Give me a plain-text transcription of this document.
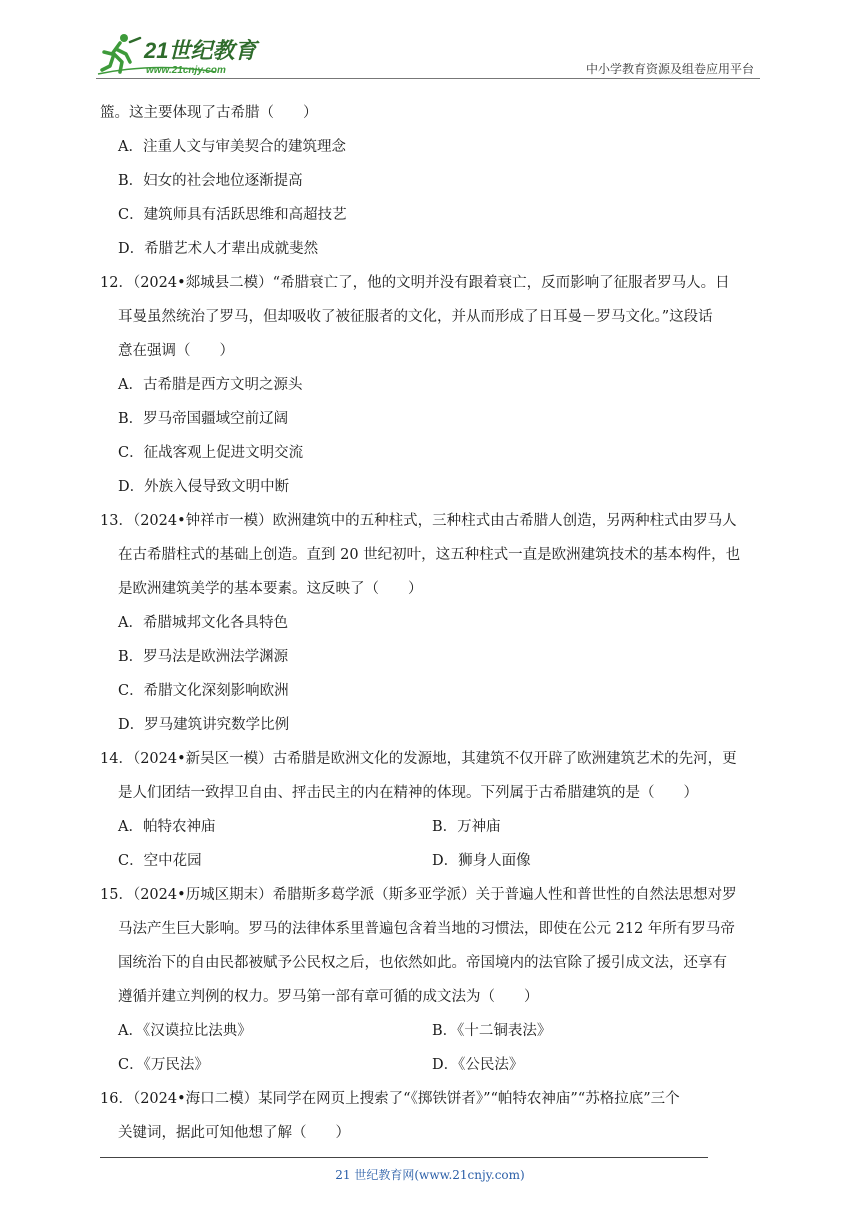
21世纪教育
www.21cnjy.com	中小学教育资源及组卷应用平台

篮。这主要体现了古希腊（　　）

A．注重人文与审美契合的建筑理念

B．妇女的社会地位逐渐提高

C．建筑师具有活跃思维和高超技艺

D．希腊艺术人才辈出成就斐然

12．（2024•郯城县二模）“希腊衰亡了，他的文明并没有跟着衰亡，反而影响了征服者罗马人。日

耳曼虽然统治了罗马，但却吸收了被征服者的文化，并从而形成了日耳曼－罗马文化。”这段话

意在强调（　　）

A．古希腊是西方文明之源头

B．罗马帝国疆域空前辽阔

C．征战客观上促进文明交流

D．外族入侵导致文明中断

13．（2024•钟祥市一模）欧洲建筑中的五种柱式，三种柱式由古希腊人创造，另两种柱式由罗马人

在古希腊柱式的基础上创造。直到 20 世纪初叶，这五种柱式一直是欧洲建筑技术的基本构件，也

是欧洲建筑美学的基本要素。这反映了（　　）

A．希腊城邦文化各具特色

B．罗马法是欧洲法学渊源

C．希腊文化深刻影响欧洲

D．罗马建筑讲究数学比例

14．（2024•新吴区一模）古希腊是欧洲文化的发源地，其建筑不仅开辟了欧洲建筑艺术的先河，更

是人们团结一致捍卫自由、抨击民主的内在精神的体现。下列属于古希腊建筑的是（　　）

A．帕特农神庙	B．万神庙

C．空中花园	D．狮身人面像

15．（2024•历城区期末）希腊斯多葛学派（斯多亚学派）关于普遍人性和普世性的自然法思想对罗

马法产生巨大影响。罗马的法律体系里普遍包含着当地的习惯法，即使在公元 212 年所有罗马帝

国统治下的自由民都被赋予公民权之后，也依然如此。帝国境内的法官除了援引成文法，还享有

遵循并建立判例的权力。罗马第一部有章可循的成文法为（　　）

A．《汉谟拉比法典》	B．《十二铜表法》

C．《万民法》	D．《公民法》

16．（2024•海口二模）某同学在网页上搜索了“《掷铁饼者》”“帕特农神庙”“苏格拉底”三个

关键词，据此可知他想了解（　　）

21 世纪教育网(www.21cnjy.com)
